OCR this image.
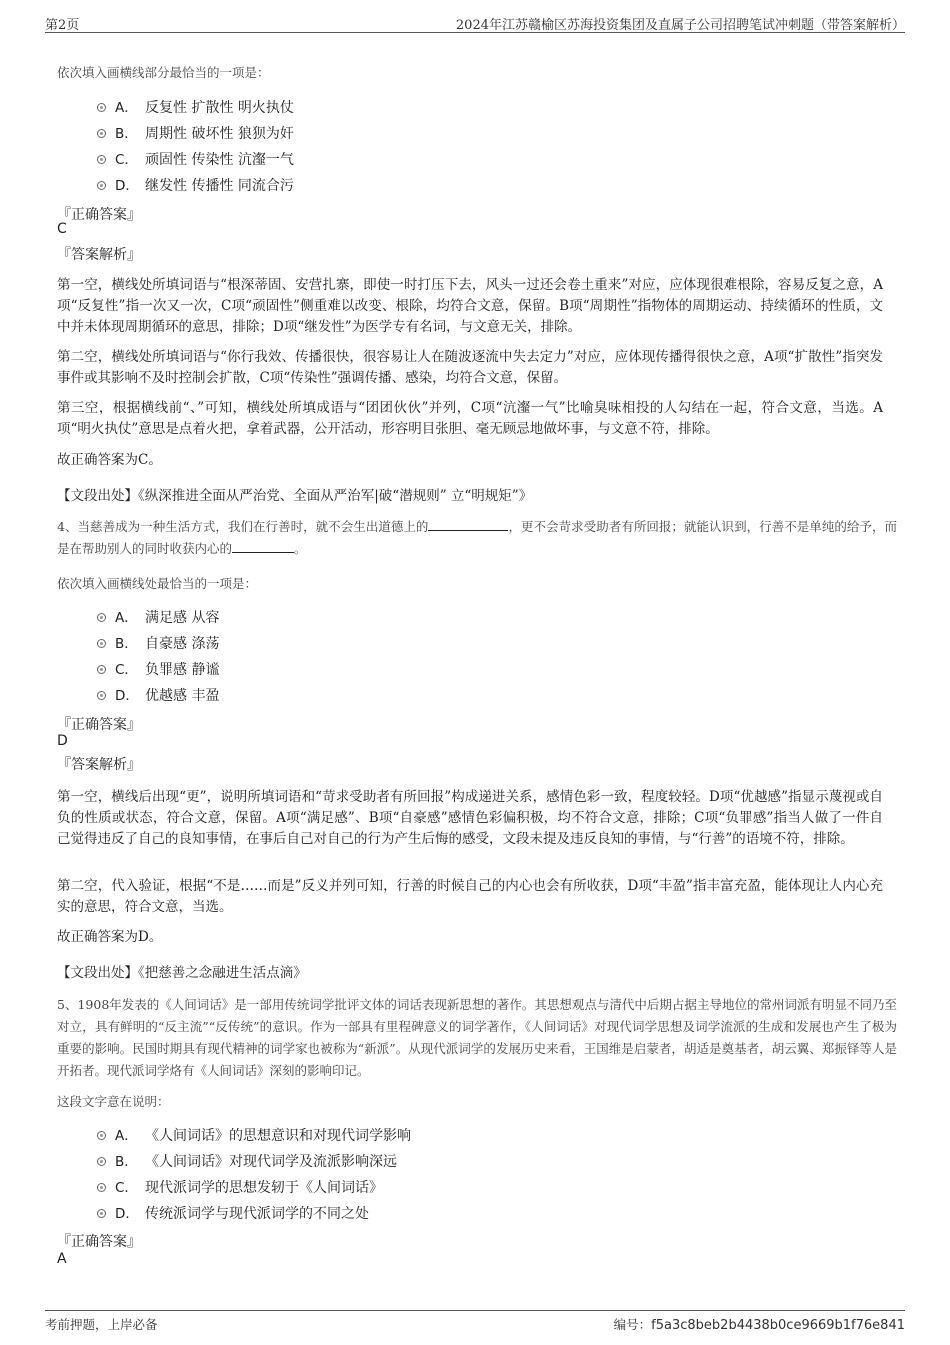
第2页	2024年江苏赣榆区苏海投资集团及直属子公司招聘笔试冲刺题（带答案解析）
依次填入画横线部分最恰当的一项是：
A． 反复性 扩散性 明火执仗
B． 周期性 破坏性 狼狈为奸
C． 顽固性 传染性 沆瀣一气
D． 继发性 传播性 同流合污
『正确答案』
C
『答案解析』
第一空，横线处所填词语与“根深蒂固、安营扎寨，即使一时打压下去，风头一过还会卷土重来”对应，应体现很难根除，容易反复之意，A项“反复性”指一次又一次，C项“顽固性”侧重难以改变、根除，均符合文意，保留。B项“周期性”指物体的周期运动、持续循环的性质，文中并未体现周期循环的意思，排除；D项“继发性”为医学专有名词，与文意无关，排除。
第二空，横线处所填词语与“你行我效、传播很快，很容易让人在随波逐流中失去定力”对应，应体现传播得很快之意，A项“扩散性”指突发事件或其影响不及时控制会扩散，C项“传染性”强调传播、感染，均符合文意，保留。
第三空，根据横线前“、”可知，横线处所填成语与“团团伙伙”并列，C项“沆瀣一气”比喻臭味相投的人勾结在一起，符合文意，当选。A项“明火执仗”意思是点着火把，拿着武器，公开活动，形容明目张胆、毫无顾忌地做坏事，与文意不符，排除。
故正确答案为C。
【文段出处】《纵深推进全面从严治党、全面从严治军|破“潜规则” 立“明规矩”》
4、当慈善成为一种生活方式，我们在行善时，就不会生出道德上的	，更不会苛求受助者有所回报；就能认识到，行善不是单纯的给予，而是在帮助别人的同时收获内心的	。
依次填入画横线处最恰当的一项是：
A． 满足感 从容
B． 自豪感 涤荡
C． 负罪感 静谧
D． 优越感 丰盈
『正确答案』
D
『答案解析』
第一空，横线后出现“更”，说明所填词语和“苛求受助者有所回报”构成递进关系，感情色彩一致，程度较轻。D项“优越感”指显示蔑视或自负的性质或状态，符合文意，保留。A项“满足感”、B项“自豪感”感情色彩偏积极，均不符合文意，排除；C项“负罪感”指当人做了一件自己觉得违反了自己的良知事情，在事后自己对自己的行为产生后悔的感受，文段未提及违反良知的事情，与“行善”的语境不符，排除。
第二空，代入验证，根据“不是……而是”反义并列可知，行善的时候自己的内心也会有所收获，D项“丰盈”指丰富充盈，能体现让人内心充实的意思，符合文意，当选。
故正确答案为D。
【文段出处】《把慈善之念融进生活点滴》
5、1908年发表的《人间词话》是一部用传统词学批评文体的词话表现新思想的著作。其思想观点与清代中后期占据主导地位的常州词派有明显不同乃至对立，具有鲜明的“反主流”“反传统”的意识。作为一部具有里程碑意义的词学著作，《人间词话》对现代词学思想及词学流派的生成和发展也产生了极为重要的影响。民国时期具有现代精神的词学家也被称为“新派”。从现代派词学的发展历史来看，王国维是启蒙者，胡适是奠基者，胡云翼、郑振铎等人是开拓者。现代派词学烙有《人间词话》深刻的影响印记。
这段文字意在说明：
A． 《人间词话》的思想意识和对现代词学影响
B． 《人间词话》对现代词学及流派影响深远
C． 现代派词学的思想发轫于《人间词话》
D． 传统派词学与现代派词学的不同之处
『正确答案』
A
考前押题，上岸必备	编号：f5a3c8beb2b4438b0ce9669b1f76e841
